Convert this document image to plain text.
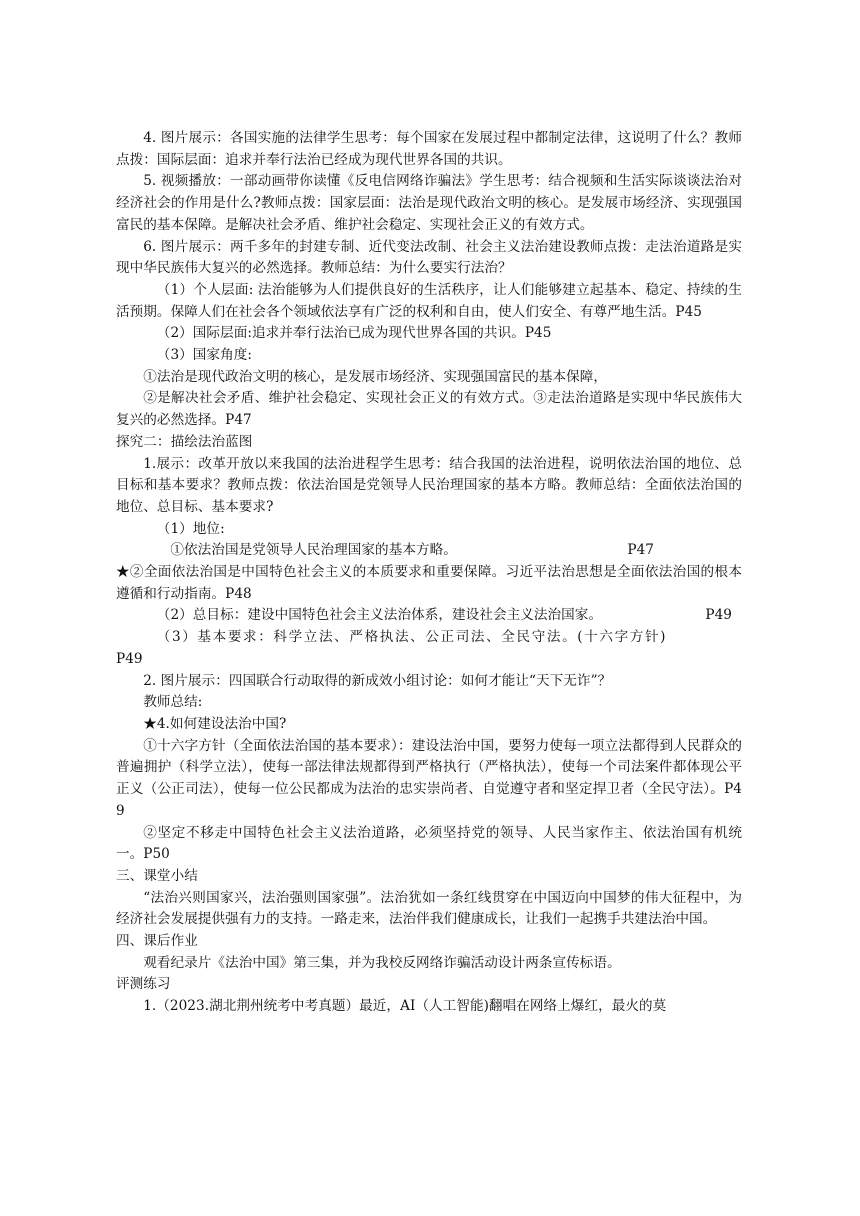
4. 图片展示：各国实施的法律学生思考：每个国家在发展过程中都制定法律，这说明了什么？教师点拨：国际层面：追求并奉行法治已经成为现代世界各国的共识。

5. 视频播放：一部动画带你读懂《反电信网络诈骗法》学生思考：结合视频和生活实际谈谈法治对经济社会的作用是什么?教师点拨：国家层面：法治是现代政治文明的核心。是发展市场经济、实现强国富民的基本保障。是解决社会矛盾、维护社会稳定、实现社会正义的有效方式。

6. 图片展示：两千多年的封建专制、近代变法改制、社会主义法治建设教师点拨：走法治道路是实现中华民族伟大复兴的必然选择。教师总结：为什么要实行法治？

（1）个人层面: 法治能够为人们提供良好的生活秩序，让人们能够建立起基本、稳定、持续的生活预期。保障人们在社会各个领域依法享有广泛的权利和自由，使人们安全、有尊严地生活。P45

（2）国际层面:追求并奉行法治已成为现代世界各国的共识。P45

（3）国家角度:

①法治是现代政治文明的核心，是发展市场经济、实现强国富民的基本保障，

②是解决社会矛盾、维护社会稳定、实现社会正义的有效方式。③走法治道路是实现中华民族伟大复兴的必然选择。P47

探究二：描绘法治蓝图

1.展示：改革开放以来我国的法治进程学生思考：结合我国的法治进程，说明依法治国的地位、总目标和基本要求？教师点拨：依法治国是党领导人民治理国家的基本方略。教师总结：全面依法治国的地位、总目标、基本要求?

（1）地位:

①依法治国是党领导人民治理国家的基本方略。	P47

★②全面依法治国是中国特色社会主义的本质要求和重要保障。习近平法治思想是全面依法治国的根本遵循和行动指南。P48

（2）总目标：建设中国特色社会主义法治体系，建设社会主义法治国家。	P49

（3）基本要求：科学立法、严格执法、公正司法、全民守法。(十六字方针)

P49

2. 图片展示：四国联合行动取得的新成效小组讨论：如何才能让“天下无诈”？

教师总结:

★4.如何建设法治中国?

①十六字方针（全面依法治国的基本要求）：建设法治中国，要努力使每一项立法都得到人民群众的普遍拥护（科学立法），使每一部法律法规都得到严格执行（严格执法），使每一个司法案件都体现公平正义（公正司法），使每一位公民都成为法治的忠实崇尚者、自觉遵守者和坚定捍卫者（全民守法）。P49

②坚定不移走中国特色社会主义法治道路，必须坚持党的领导、人民当家作主、依法治国有机统一。P50

三、课堂小结

“法治兴则国家兴，法治强则国家强”。法治犹如一条红线贯穿在中国迈向中国梦的伟大征程中，为经济社会发展提供强有力的支持。一路走来，法治伴我们健康成长，让我们一起携手共建法治中国。

四、课后作业

观看纪录片《法治中国》第三集，并为我校反网络诈骗活动设计两条宣传标语。

评测练习

1.（2023.湖北荆州统考中考真题）最近，AI（人工智能)翻唱在网络上爆红，最火的莫
